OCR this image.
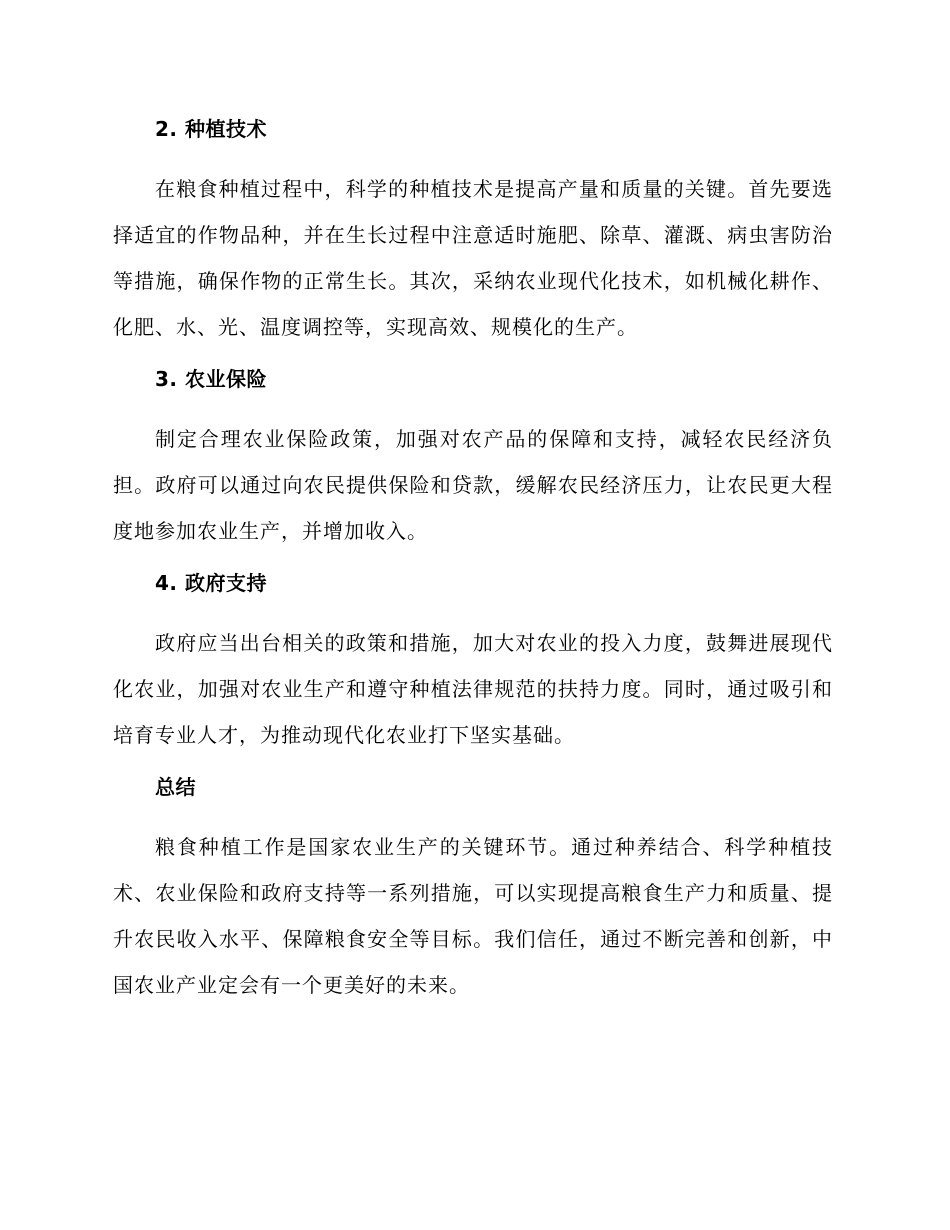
2. 种植技术

在粮食种植过程中，科学的种植技术是提高产量和质量的关键。首先要选择适宜的作物品种，并在生长过程中注意适时施肥、除草、灌溉、病虫害防治等措施，确保作物的正常生长。其次，采纳农业现代化技术，如机械化耕作、化肥、水、光、温度调控等，实现高效、规模化的生产。

3. 农业保险

制定合理农业保险政策，加强对农产品的保障和支持，减轻农民经济负担。政府可以通过向农民提供保险和贷款，缓解农民经济压力，让农民更大程度地参加农业生产，并增加收入。

4. 政府支持

政府应当出台相关的政策和措施，加大对农业的投入力度，鼓舞进展现代化农业，加强对农业生产和遵守种植法律规范的扶持力度。同时，通过吸引和培育专业人才，为推动现代化农业打下坚实基础。

总结

粮食种植工作是国家农业生产的关键环节。通过种养结合、科学种植技术、农业保险和政府支持等一系列措施，可以实现提高粮食生产力和质量、提升农民收入水平、保障粮食安全等目标。我们信任，通过不断完善和创新，中国农业产业定会有一个更美好的未来。
